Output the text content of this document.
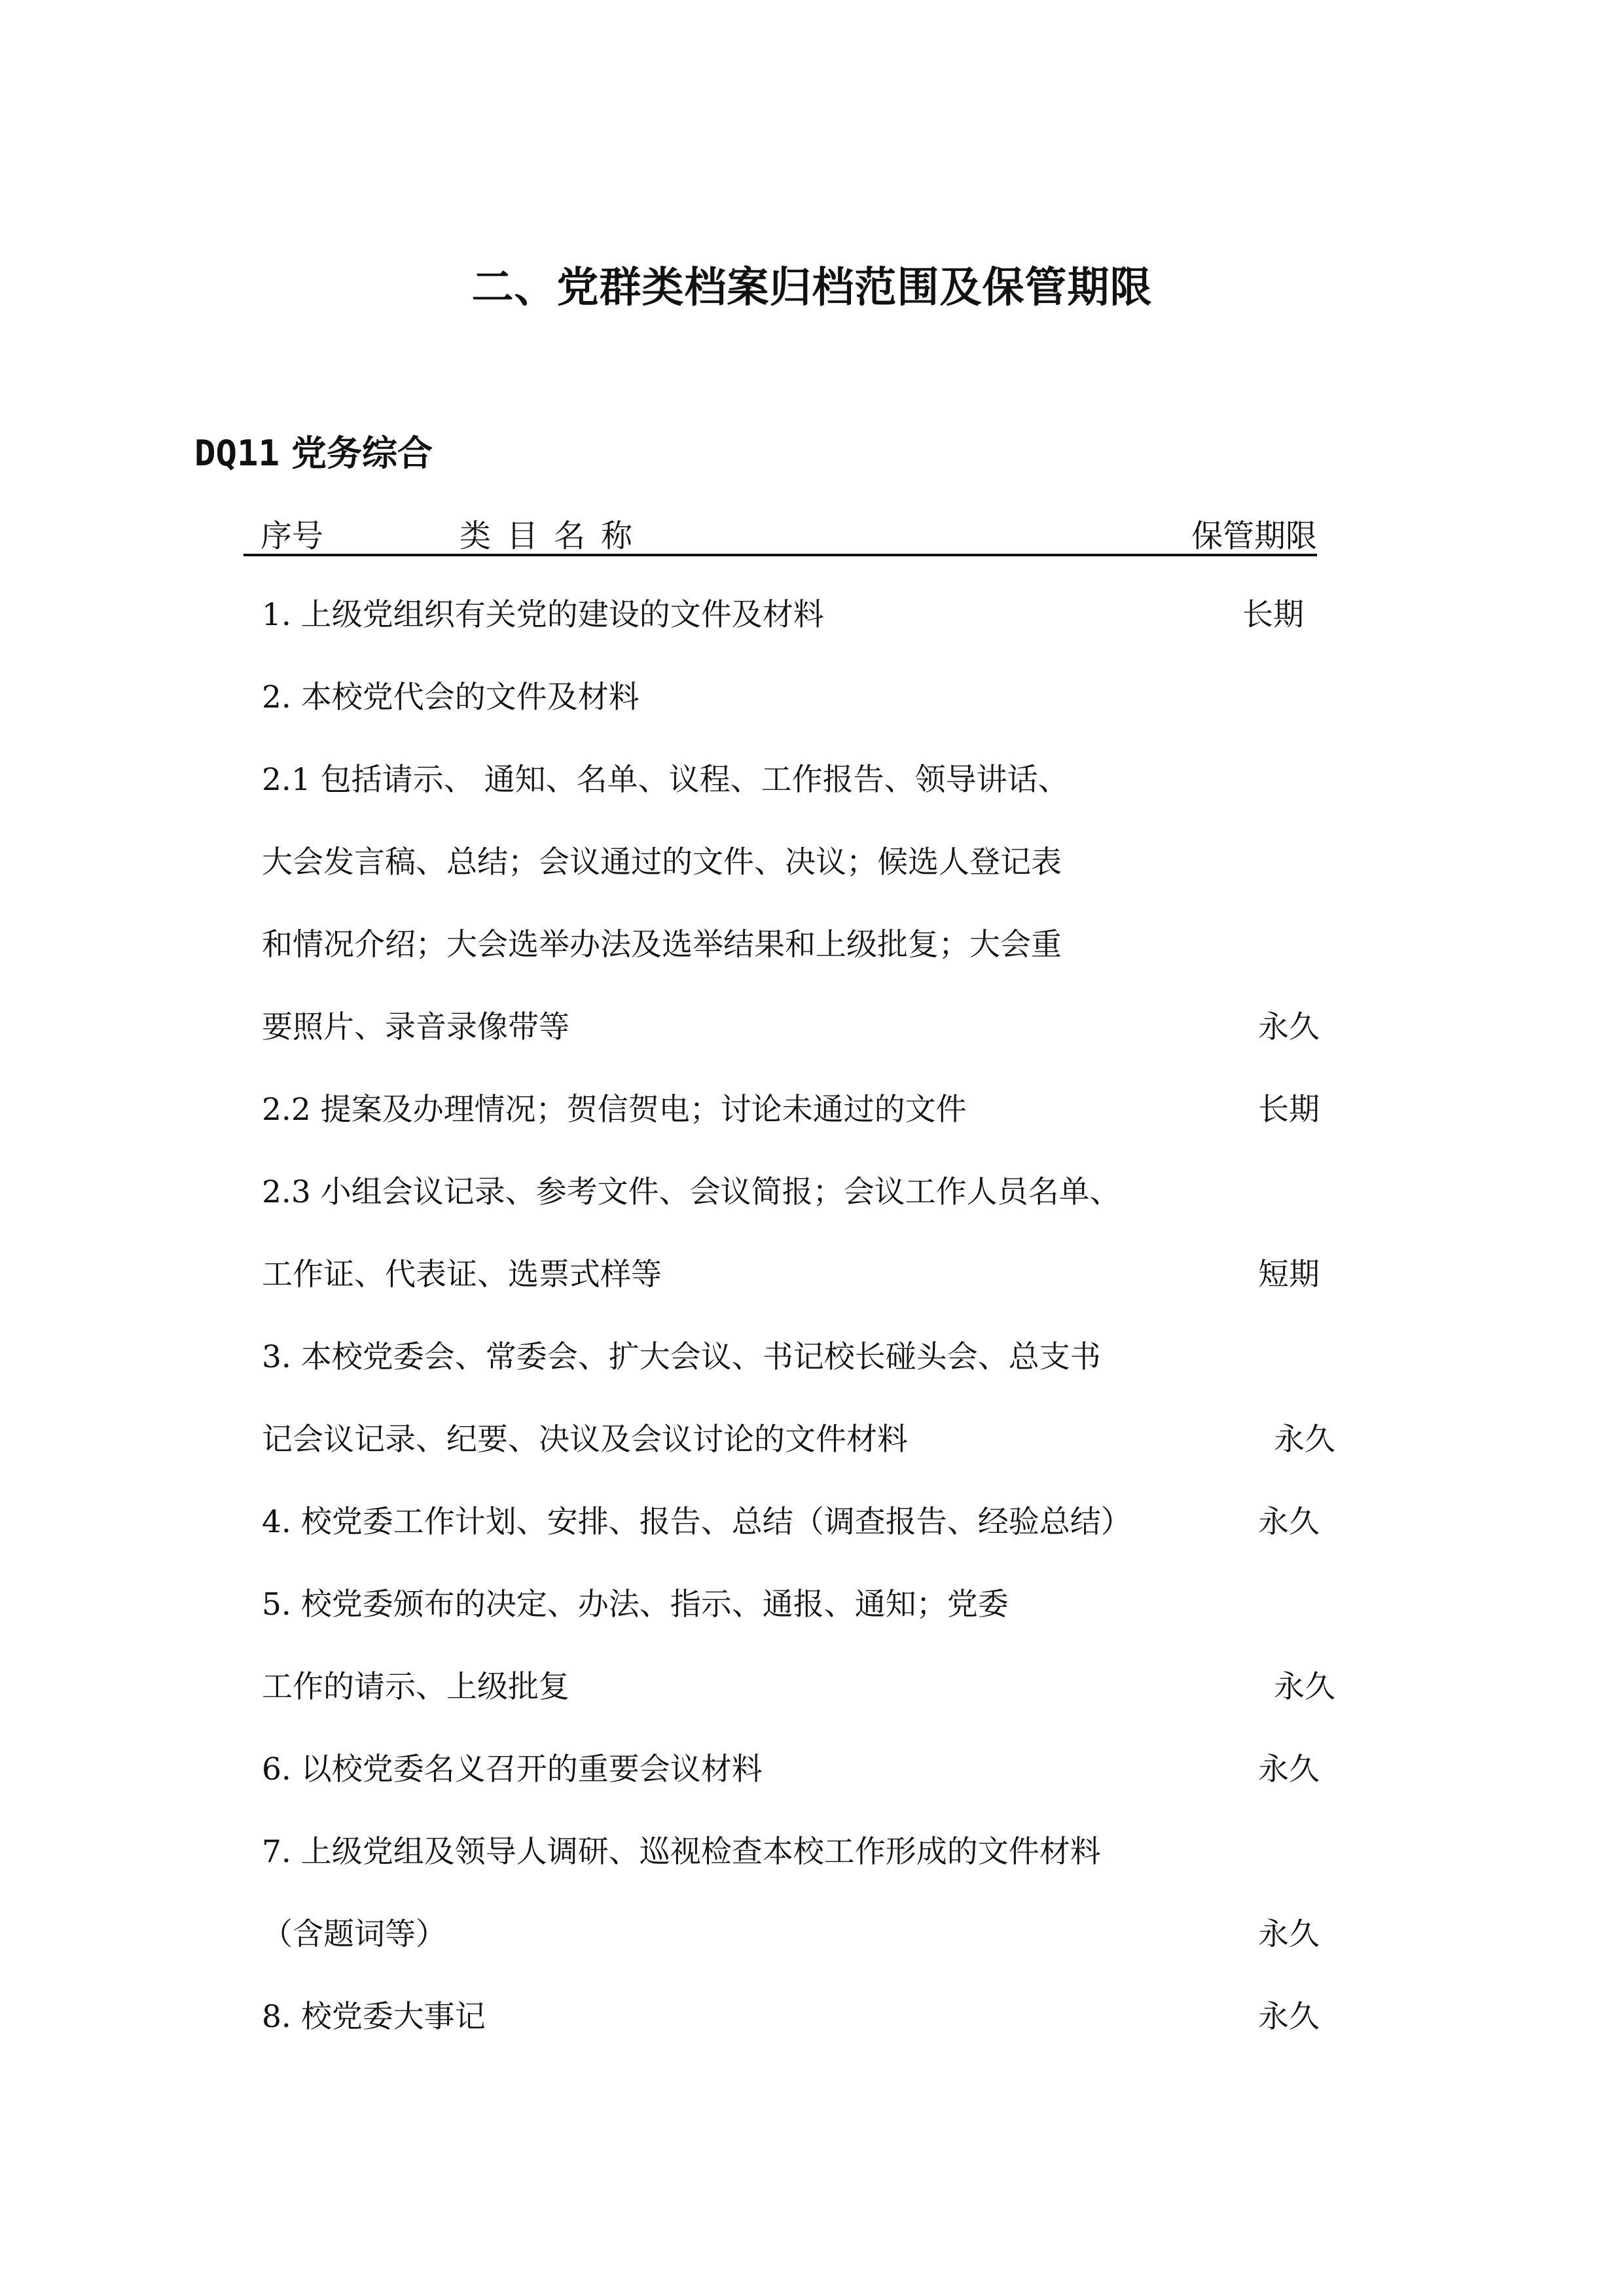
二、党群类档案归档范围及保管期限
DQ11 党务综合
序号	类目名称	保管期限
1. 上级党组织有关党的建设的文件及材料	长期
2. 本校党代会的文件及材料
2.1 包括请示、 通知、名单、议程、工作报告、领导讲话、
大会发言稿、总结；会议通过的文件、决议；候选人登记表
和情况介绍；大会选举办法及选举结果和上级批复；大会重
要照片、录音录像带等	永久
2.2 提案及办理情况；贺信贺电；讨论未通过的文件	长期
2.3 小组会议记录、参考文件、会议简报；会议工作人员名单、
工作证、代表证、选票式样等	短期
3. 本校党委会、常委会、扩大会议、书记校长碰头会、总支书
记会议记录、纪要、决议及会议讨论的文件材料	永久
4. 校党委工作计划、安排、报告、总结（调查报告、经验总结）	永久
5. 校党委颁布的决定、办法、指示、通报、通知；党委
工作的请示、上级批复	永久
6. 以校党委名义召开的重要会议材料	永久
7. 上级党组及领导人调研、巡视检查本校工作形成的文件材料
（含题词等）	永久
8. 校党委大事记	永久
